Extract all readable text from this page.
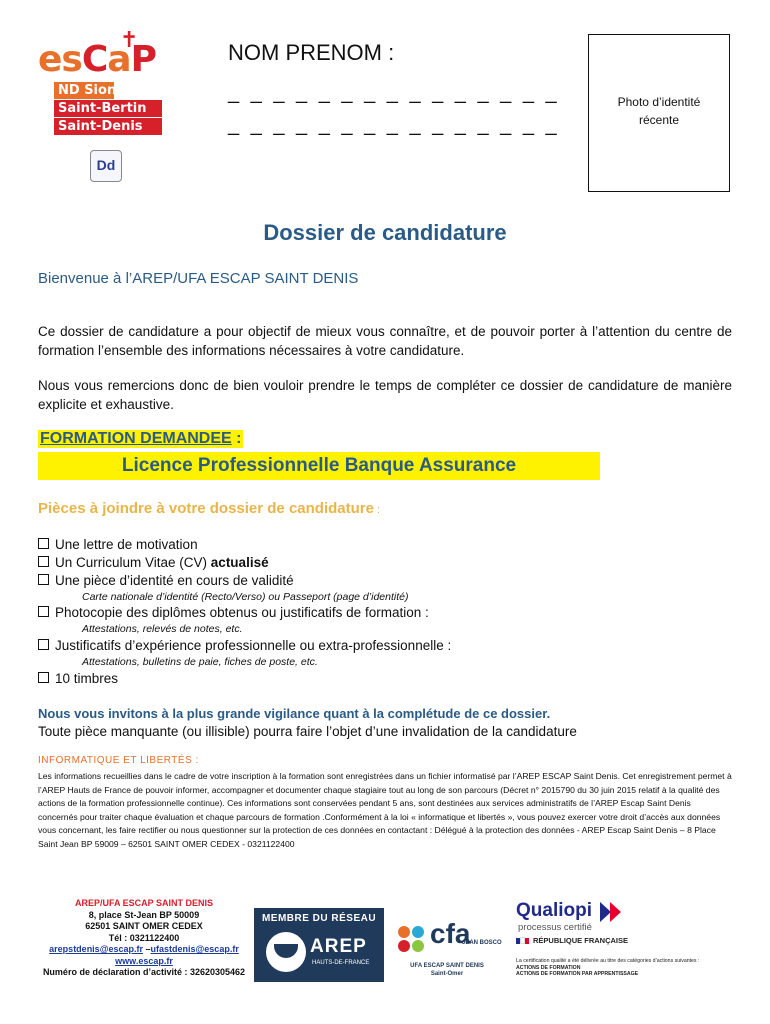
✝
esCaP
ND Sion
Saint-Bertin
Saint-Denis
Dd
NOM PRENOM :
_ _ _ _ _ _ _ _ _ _ _ _ _ _ _
_ _ _ _ _ _ _ _ _ _ _ _ _ _ _
Photo d’identité
récente
Dossier de candidature
Bienvenue à l’AREP/UFA ESCAP SAINT DENIS
Ce dossier de candidature a pour objectif de mieux vous connaître, et de pouvoir porter à l’attention du centre de formation l’ensemble des informations nécessaires à votre candidature.
Nous vous remercions donc de bien vouloir prendre le temps de compléter ce dossier de candidature de manière explicite et exhaustive.
FORMATION DEMANDEE :
Licence Professionnelle Banque Assurance
Pièces à joindre à votre dossier de candidature :
Une lettre de motivation
Un Curriculum Vitae (CV) actualisé
Une pièce d’identité en cours de validité
Carte nationale d’identité (Recto/Verso) ou Passeport (page d’identité)
Photocopie des diplômes obtenus ou justificatifs de formation :
Attestations, relevés de notes, etc.
Justificatifs d’expérience professionnelle ou extra-professionnelle :
Attestations, bulletins de paie, fiches de poste, etc.
10 timbres
Nous vous invitons à la plus grande vigilance quant à la complétude de ce dossier.
Toute pièce manquante (ou illisible) pourra faire l’objet d’une invalidation de la candidature
INFORMATIQUE ET LIBERTÉS :
Les informations recueillies dans le cadre de votre inscription à la formation sont enregistrées dans un fichier informatisé par l’AREP ESCAP Saint Denis. Cet enregistrement permet à l’AREP Hauts de France de pouvoir informer, accompagner et documenter chaque stagiaire tout au long de son parcours (Décret n° 2015790 du 30 juin 2015 relatif à la qualité des actions de la formation professionnelle continue). Ces informations sont conservées pendant 5 ans, sont destinées aux services administratifs de l’AREP Escap Saint Denis concernés pour traiter chaque évaluation et chaque parcours de formation .Conformément à la loi « informatique et libertés », vous pouvez exercer votre droit d’accès aux données vous concernant, les faire rectifier ou nous questionner sur la protection de ces données en contactant : Délégué à la protection des données - AREP Escap Saint Denis – 8 Place Saint Jean BP 59009 – 62501 SAINT OMER CEDEX - 0321122400
AREP/UFA ESCAP SAINT DENIS
8, place St-Jean BP 50009
62501 SAINT OMER CEDEX
Tél : 0321122400
arepstdenis@escap.fr –ufastdenis@escap.fr
www.escap.fr
Numéro de déclaration d’activité : 32620305462
MEMBRE DU RÉSEAU
AREP
HAUTS-DE-FRANCE
cfa
JEAN BOSCO
UFA ESCAP SAINT DENIS
Saint-Omer
Qualiopi
processus certifié
RÉPUBLIQUE FRANÇAISE
La certification qualité a été délivrée au titre des catégories d’actions suivantes :
ACTIONS DE FORMATION
ACTIONS DE FORMATION PAR APPRENTISSAGE
